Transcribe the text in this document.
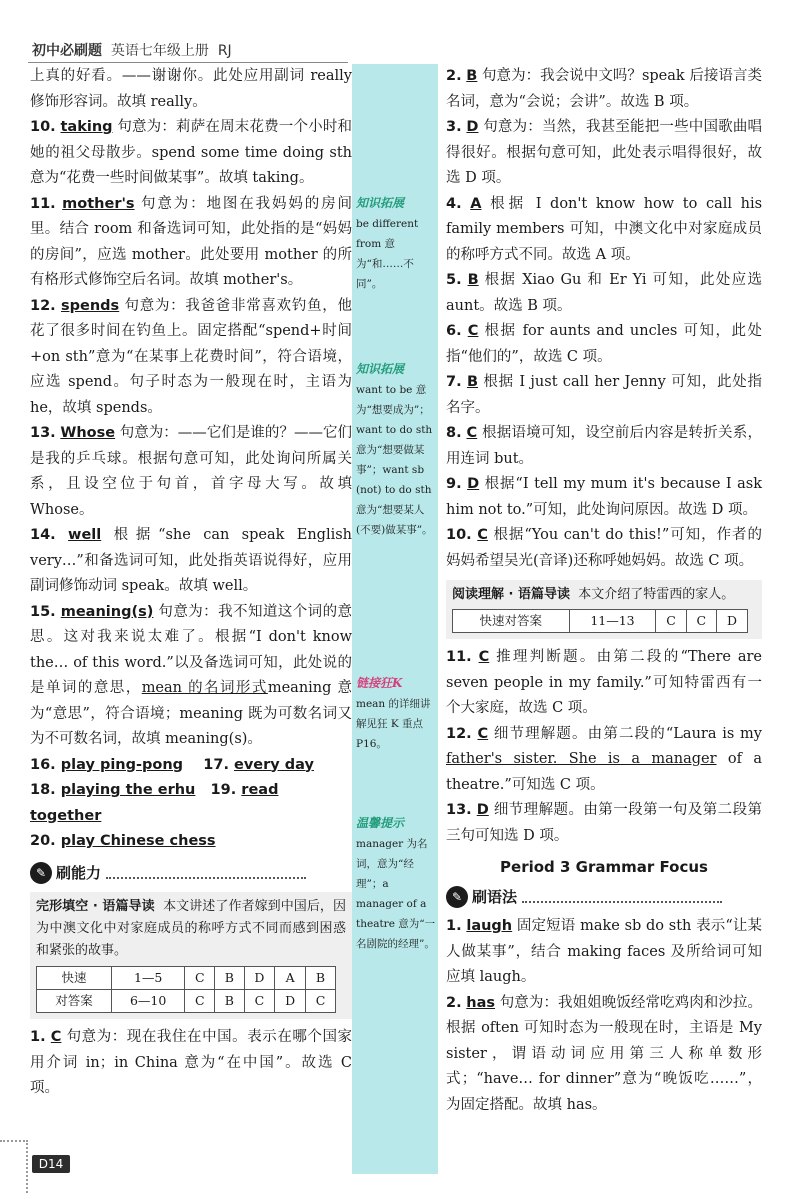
初中必刷题 英语七年级上册 RJ
知识拓展
be different from 意为“和……不同”。
知识拓展
want to be 意为“想要成为”；want to do sth 意为“想要做某事”；want sb (not) to do sth 意为“想要某人(不要)做某事”。
链接狂K
mean 的详细讲解见狂 K 重点 P16。
温馨提示
manager 为名词，意为“经理”；a manager of a theatre 意为“一名剧院的经理”。

上真的好看。——谢谢你。此处应用副词 really 修饰形容词。故填 really。

10. taking 句意为：莉萨在周末花费一个小时和她的祖父母散步。spend some time doing sth 意为“花费一些时间做某事”。故填 taking。

11. mother's 句意为：地图在我妈妈的房间里。结合 room 和备选词可知，此处指的是“妈妈的房间”，应选 mother。此处要用 mother 的所有格形式修饰空后名词。故填 mother's。

12. spends 句意为：我爸爸非常喜欢钓鱼，他花了很多时间在钓鱼上。固定搭配“spend+时间+on sth”意为“在某事上花费时间”，符合语境，应选 spend。句子时态为一般现在时，主语为 he，故填 spends。

13. Whose 句意为：——它们是谁的？——它们是我的乒乓球。根据句意可知，此处询问所属关系，且设空位于句首，首字母大写。故填 Whose。

14. well 根据“she can speak English very…”和备选词可知，此处指英语说得好，应用副词修饰动词 speak。故填 well。

15. meaning(s) 句意为：我不知道这个词的意思。这对我来说太难了。根据“I don't know the… of this word.”以及备选词可知，此处说的是单词的意思，mean 的名词形式meaning 意为“意思”，符合语境；meaning 既为可数名词又为不可数名词，故填 meaning(s)。

16. play ping-pong 17. every day
18. playing the erhu 19. read together
20. play Chinese chess
✎ 刷能力

完形填空 · 语篇导读 本文讲述了作者嫁到中国后，因为中澳文化中对家庭成员的称呼方式不同而感到困惑和紧张的故事。
快速	1—5	C	B	D	A	B
对答案	6—10	C	B	C	D	C

1. C 句意为：现在我住在中国。表示在哪个国家用介词 in；in China 意为“在中国”。故选 C 项。

2. B 句意为：我会说中文吗？speak 后接语言类名词，意为“会说；会讲”。故选 B 项。

3. D 句意为：当然，我甚至能把一些中国歌曲唱得很好。根据句意可知，此处表示唱得很好，故选 D 项。

4. A 根据 I don't know how to call his family members 可知，中澳文化中对家庭成员的称呼方式不同。故选 A 项。

5. B 根据 Xiao Gu 和 Er Yi 可知，此处应选 aunt。故选 B 项。

6. C 根据 for aunts and uncles 可知，此处指“他们的”，故选 C 项。

7. B 根据 I just call her Jenny 可知，此处指名字。

8. C 根据语境可知，设空前后内容是转折关系，用连词 but。

9. D 根据“I tell my mum it's because I ask him not to.”可知，此处询问原因。故选 D 项。

10. C 根据“You can't do this!”可知，作者的妈妈希望吴光(音译)还称呼她妈妈。故选 C 项。

阅读理解 · 语篇导读 本文介绍了特雷西的家人。
快速对答案	11—13	C	C	D

11. C 推理判断题。由第二段的“There are seven people in my family.”可知特雷西有一个大家庭，故选 C 项。

12. C 细节理解题。由第二段的“Laura is my father's sister. She is a manager of a theatre.”可知选 C 项。

13. D 细节理解题。由第一段第一句及第二段第三句可知选 D 项。

Period 3 Grammar Focus
✎ 刷语法

1. laugh 固定短语 make sb do sth 表示“让某人做某事”，结合 making faces 及所给词可知应填 laugh。

2. has 句意为：我姐姐晚饭经常吃鸡肉和沙拉。根据 often 可知时态为一般现在时，主语是 My sister，谓语动词应用第三人称单数形式；“have… for dinner”意为“晚饭吃……”，为固定搭配。故填 has。

D14
